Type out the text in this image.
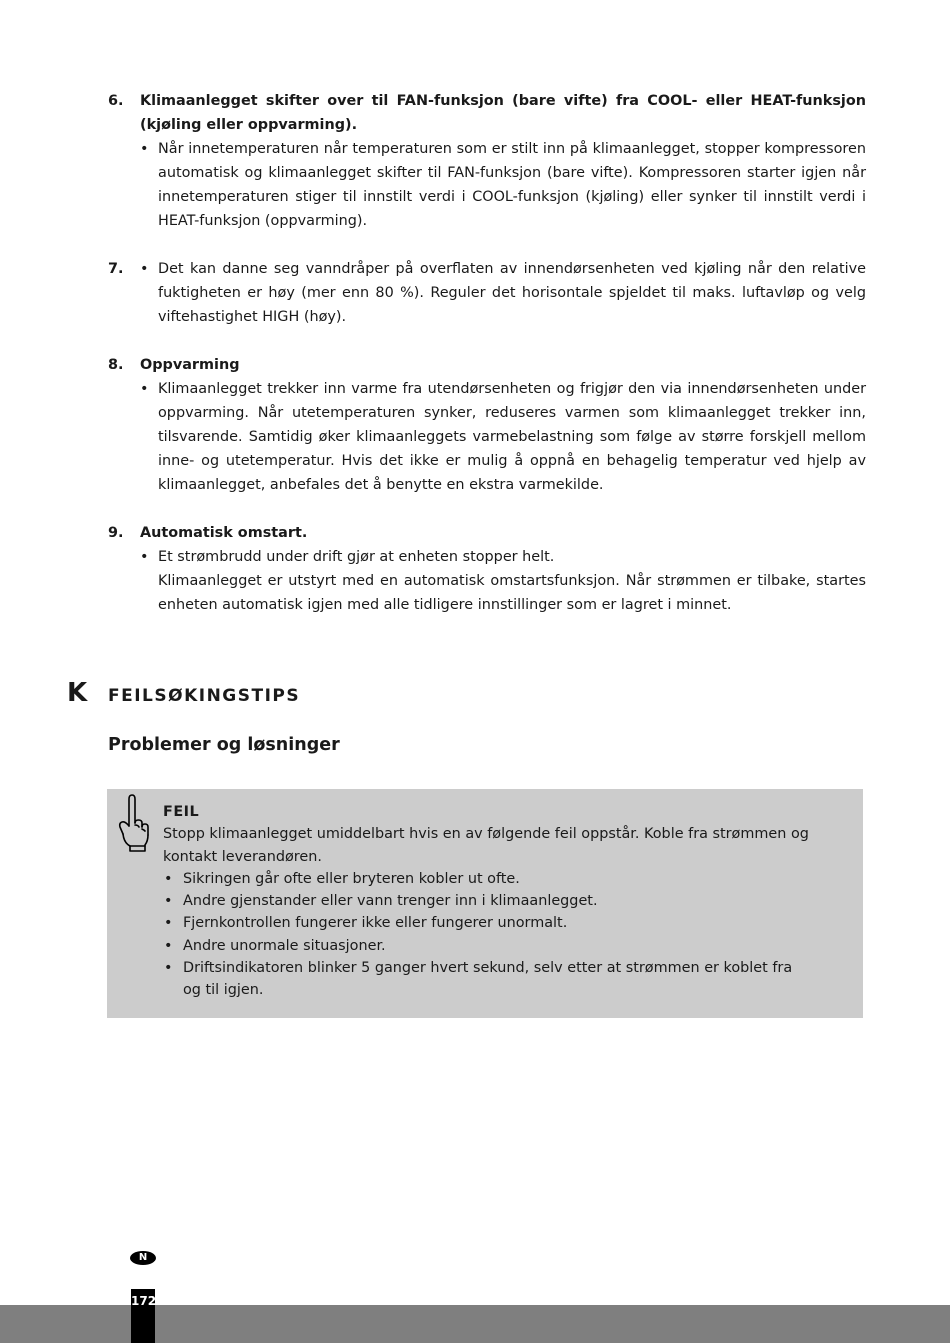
6. Klimaanlegget skifter over til FAN-funksjon (bare vifte) fra COOL- eller HEAT-funksjon (kjøling eller oppvarming).
• Når innetemperaturen når temperaturen som er stilt inn på klimaanlegget, stopper kompressoren automatisk og klimaanlegget skifter til FAN-funksjon (bare vifte). Kompressoren starter igjen når innetemperaturen stiger til innstilt verdi i COOL-funksjon (kjøling) eller synker til innstilt verdi i HEAT-funksjon (oppvarming).
7. • Det kan danne seg vanndråper på overflaten av innendørsenheten ved kjøling når den relative fuktigheten er høy (mer enn 80 %). Reguler det horisontale spjeldet til maks. luftavløp og velg viftehastighet HIGH (høy).
8. Oppvarming
• Klimaanlegget trekker inn varme fra utendørsenheten og frigjør den via innendørsenheten under oppvarming. Når utetemperaturen synker, reduseres varmen som klimaanlegget trekker inn, tilsvarende. Samtidig øker klimaanleggets varmebelastning som følge av større forskjell mellom inne- og utetemperatur. Hvis det ikke er mulig å oppnå en behagelig temperatur ved hjelp av klimaanlegget, anbefales det å benytte en ekstra varmekilde.
9. Automatisk omstart.
• Et strømbrudd under drift gjør at enheten stopper helt.
Klimaanlegget er utstyrt med en automatisk omstartsfunksjon. Når strømmen er tilbake, startes enheten automatisk igjen med alle tidligere innstillinger som er lagret i minnet.
K FEILSØKINGSTIPS
Problemer og løsninger
FEIL
Stopp klimaanlegget umiddelbart hvis en av følgende feil oppstår. Koble fra strømmen og kontakt leverandøren.
• Sikringen går ofte eller bryteren kobler ut ofte.
• Andre gjenstander eller vann trenger inn i klimaanlegget.
• Fjernkontrollen fungerer ikke eller fungerer unormalt.
• Andre unormale situasjoner.
• Driftsindikatoren blinker 5 ganger hvert sekund, selv etter at strømmen er koblet fra og til igjen.
N
172
